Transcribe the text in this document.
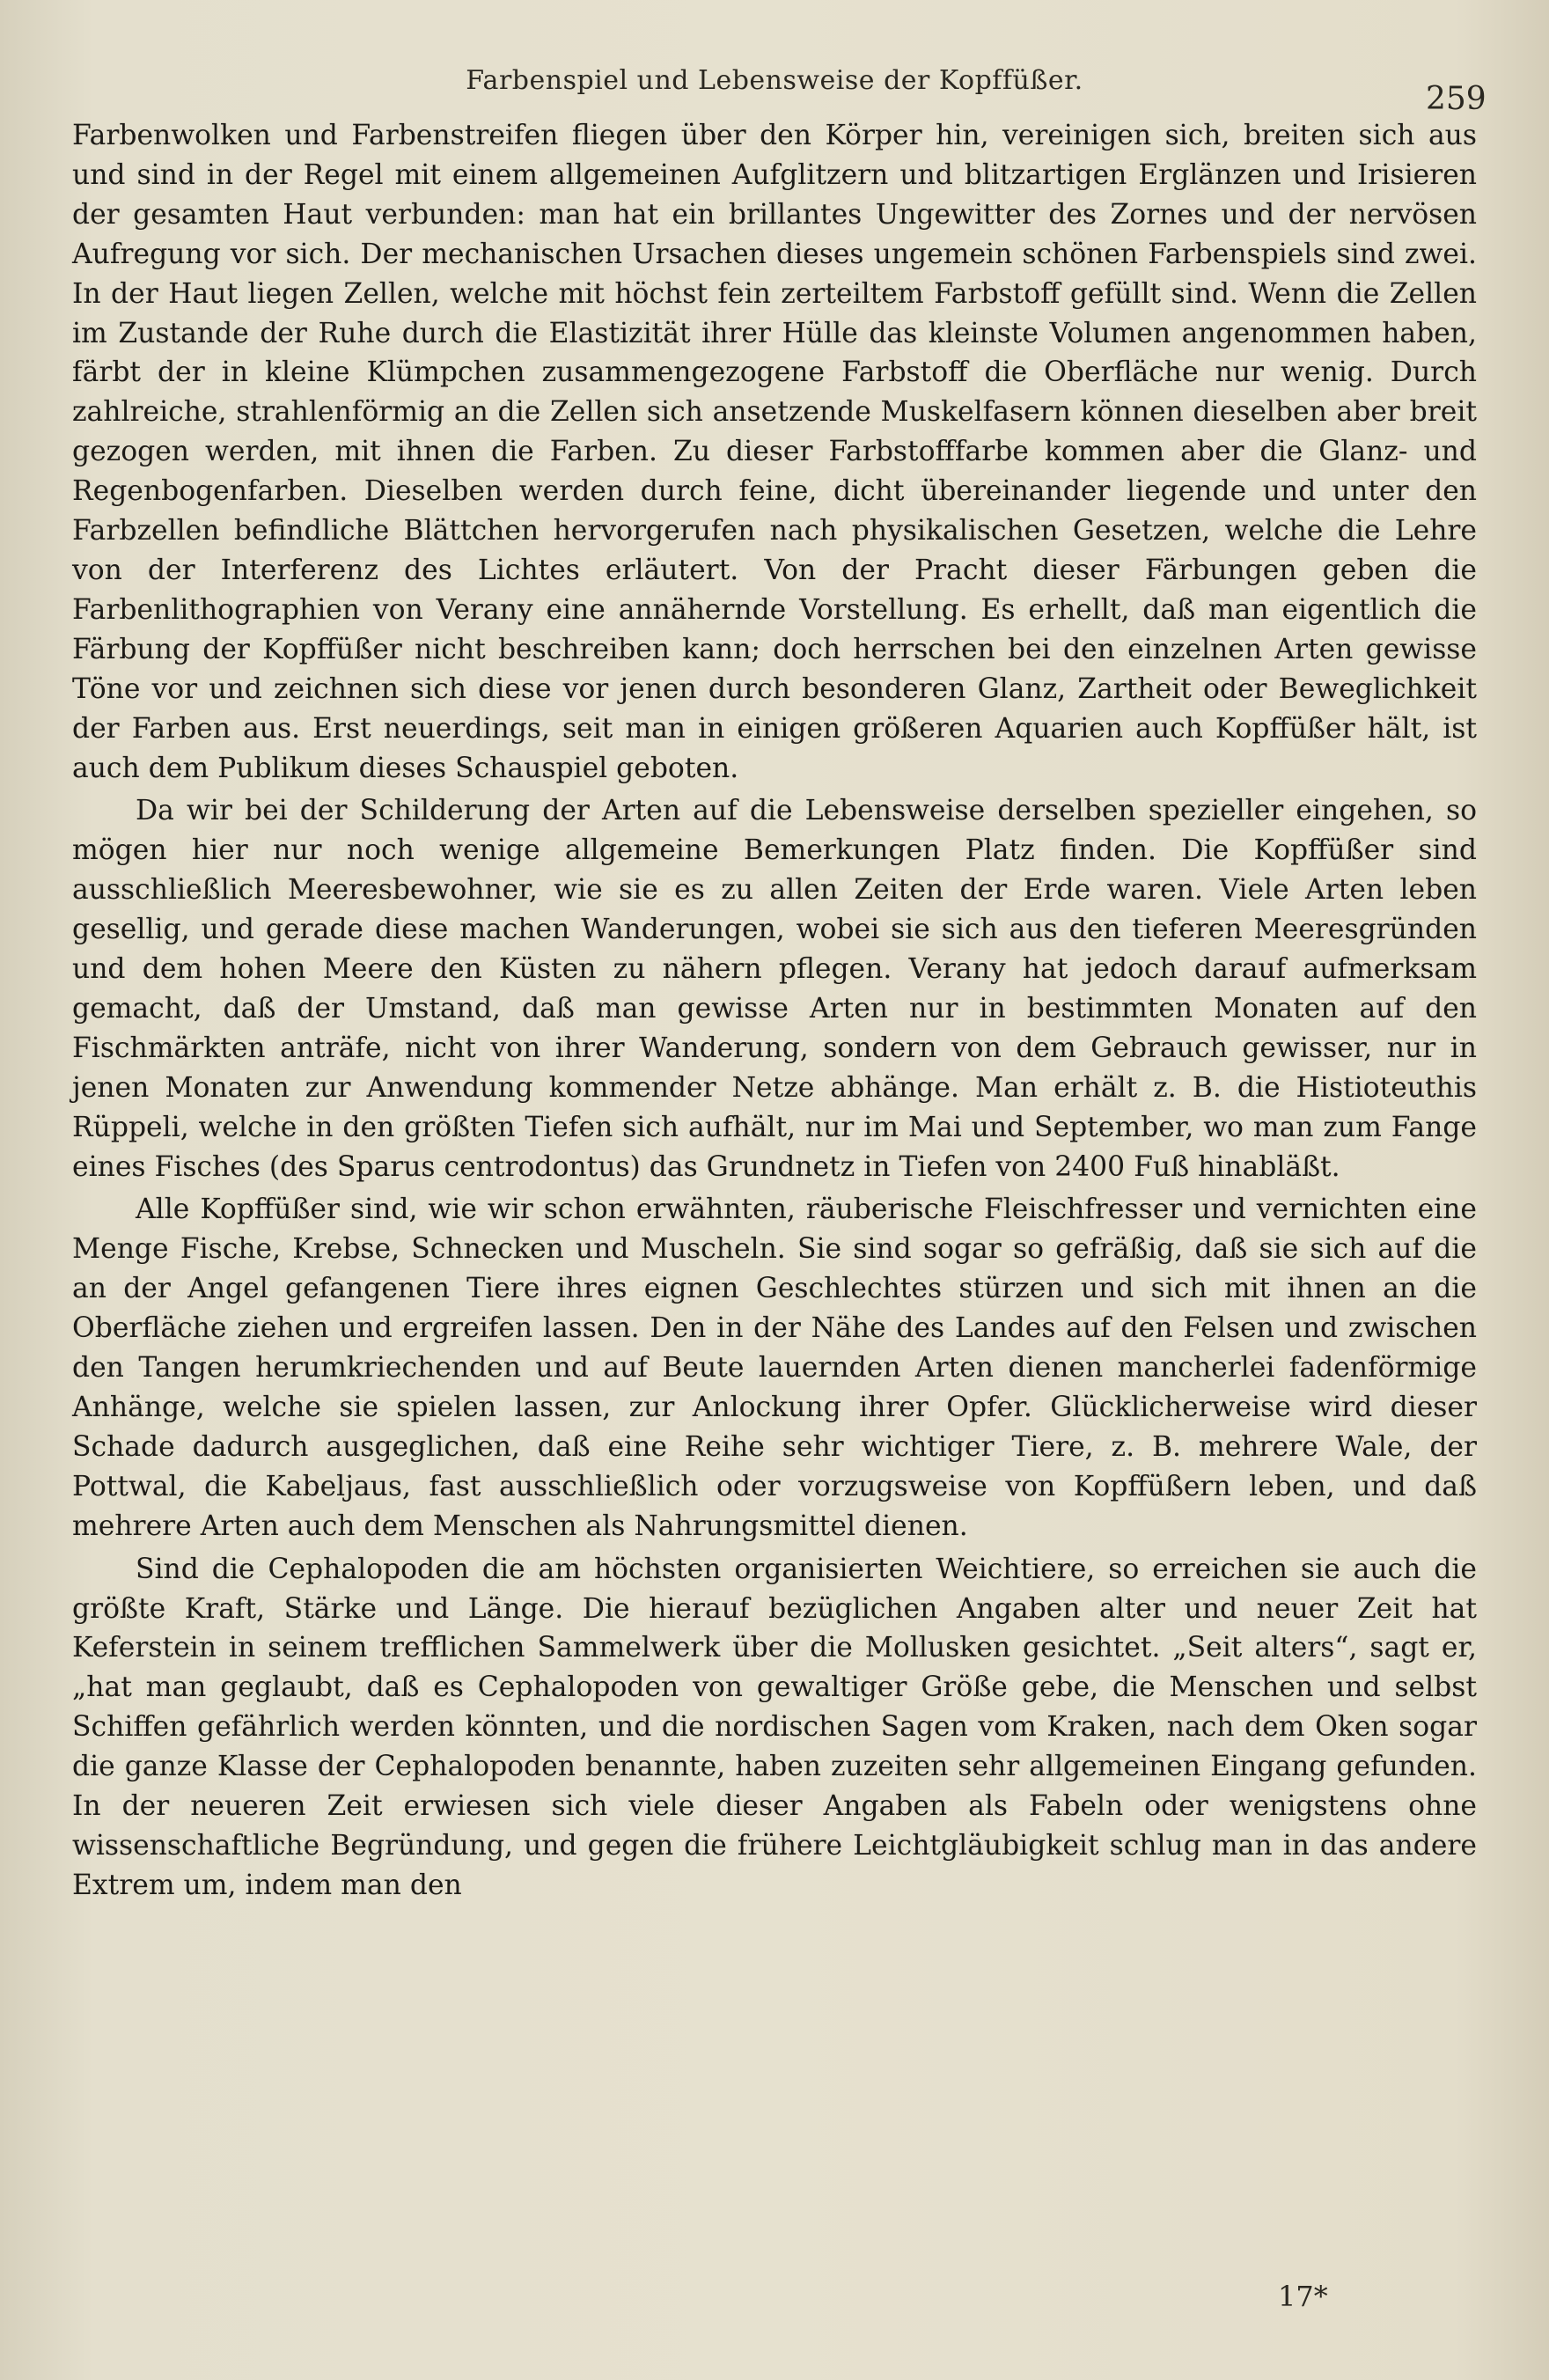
Farbenspiel und Lebensweise der Kopffüßer.
259

Farbenwolken und Farbenstreifen fliegen über den Körper hin, vereinigen sich, breiten sich aus und sind in der Regel mit einem allgemeinen Aufglitzern und blitzartigen Erglänzen und Irisieren der gesamten Haut verbunden: man hat ein brillantes Ungewitter des Zornes und der nervösen Aufregung vor sich. Der mechanischen Ursachen dieses ungemein schönen Farbenspiels sind zwei. In der Haut liegen Zellen, welche mit höchst fein zerteiltem Farbstoff gefüllt sind. Wenn die Zellen im Zustande der Ruhe durch die Elastizität ihrer Hülle das kleinste Volumen angenommen haben, färbt der in kleine Klümpchen zusammengezogene Farbstoff die Oberfläche nur wenig. Durch zahlreiche, strahlenförmig an die Zellen sich ansetzende Muskelfasern können dieselben aber breit gezogen werden, mit ihnen die Farben. Zu dieser Farbstofffarbe kommen aber die Glanz- und Regenbogenfarben. Dieselben werden durch feine, dicht übereinander liegende und unter den Farbzellen befindliche Blättchen hervorgerufen nach physikalischen Gesetzen, welche die Lehre von der Interferenz des Lichtes erläutert. Von der Pracht dieser Färbungen geben die Farbenlithographien von Verany eine annähernde Vorstellung. Es erhellt, daß man eigentlich die Färbung der Kopffüßer nicht beschreiben kann; doch herrschen bei den einzelnen Arten gewisse Töne vor und zeichnen sich diese vor jenen durch besonderen Glanz, Zartheit oder Beweglichkeit der Farben aus. Erst neuerdings, seit man in einigen größeren Aquarien auch Kopffüßer hält, ist auch dem Publikum dieses Schauspiel geboten.

Da wir bei der Schilderung der Arten auf die Lebensweise derselben spezieller eingehen, so mögen hier nur noch wenige allgemeine Bemerkungen Platz finden. Die Kopffüßer sind ausschließlich Meeresbewohner, wie sie es zu allen Zeiten der Erde waren. Viele Arten leben gesellig, und gerade diese machen Wanderungen, wobei sie sich aus den tieferen Meeresgründen und dem hohen Meere den Küsten zu nähern pflegen. Verany hat jedoch darauf aufmerksam gemacht, daß der Umstand, daß man gewisse Arten nur in bestimmten Monaten auf den Fischmärkten anträfe, nicht von ihrer Wanderung, sondern von dem Gebrauch gewisser, nur in jenen Monaten zur Anwendung kommender Netze abhänge. Man erhält z. B. die Histioteuthis Rüppeli, welche in den größten Tiefen sich aufhält, nur im Mai und September, wo man zum Fange eines Fisches (des Sparus centrodontus) das Grundnetz in Tiefen von 2400 Fuß hinabläßt.

Alle Kopffüßer sind, wie wir schon erwähnten, räuberische Fleischfresser und vernichten eine Menge Fische, Krebse, Schnecken und Muscheln. Sie sind sogar so gefräßig, daß sie sich auf die an der Angel gefangenen Tiere ihres eignen Geschlechtes stürzen und sich mit ihnen an die Oberfläche ziehen und ergreifen lassen. Den in der Nähe des Landes auf den Felsen und zwischen den Tangen herumkriechenden und auf Beute lauernden Arten dienen mancherlei fadenförmige Anhänge, welche sie spielen lassen, zur Anlockung ihrer Opfer. Glücklicherweise wird dieser Schade dadurch ausgeglichen, daß eine Reihe sehr wichtiger Tiere, z. B. mehrere Wale, der Pottwal, die Kabeljaus, fast ausschließlich oder vorzugsweise von Kopffüßern leben, und daß mehrere Arten auch dem Menschen als Nahrungsmittel dienen.

Sind die Cephalopoden die am höchsten organisierten Weichtiere, so erreichen sie auch die größte Kraft, Stärke und Länge. Die hierauf bezüglichen Angaben alter und neuer Zeit hat Keferstein in seinem trefflichen Sammelwerk über die Mollusken gesichtet. „Seit alters“, sagt er, „hat man geglaubt, daß es Cephalopoden von gewaltiger Größe gebe, die Menschen und selbst Schiffen gefährlich werden könnten, und die nordischen Sagen vom Kraken, nach dem Oken sogar die ganze Klasse der Cephalopoden benannte, haben zuzeiten sehr allgemeinen Eingang gefunden. In der neueren Zeit erwiesen sich viele dieser Angaben als Fabeln oder wenigstens ohne wissenschaftliche Begründung, und gegen die frühere Leichtgläubigkeit schlug man in das andere Extrem um, indem man den

17*
